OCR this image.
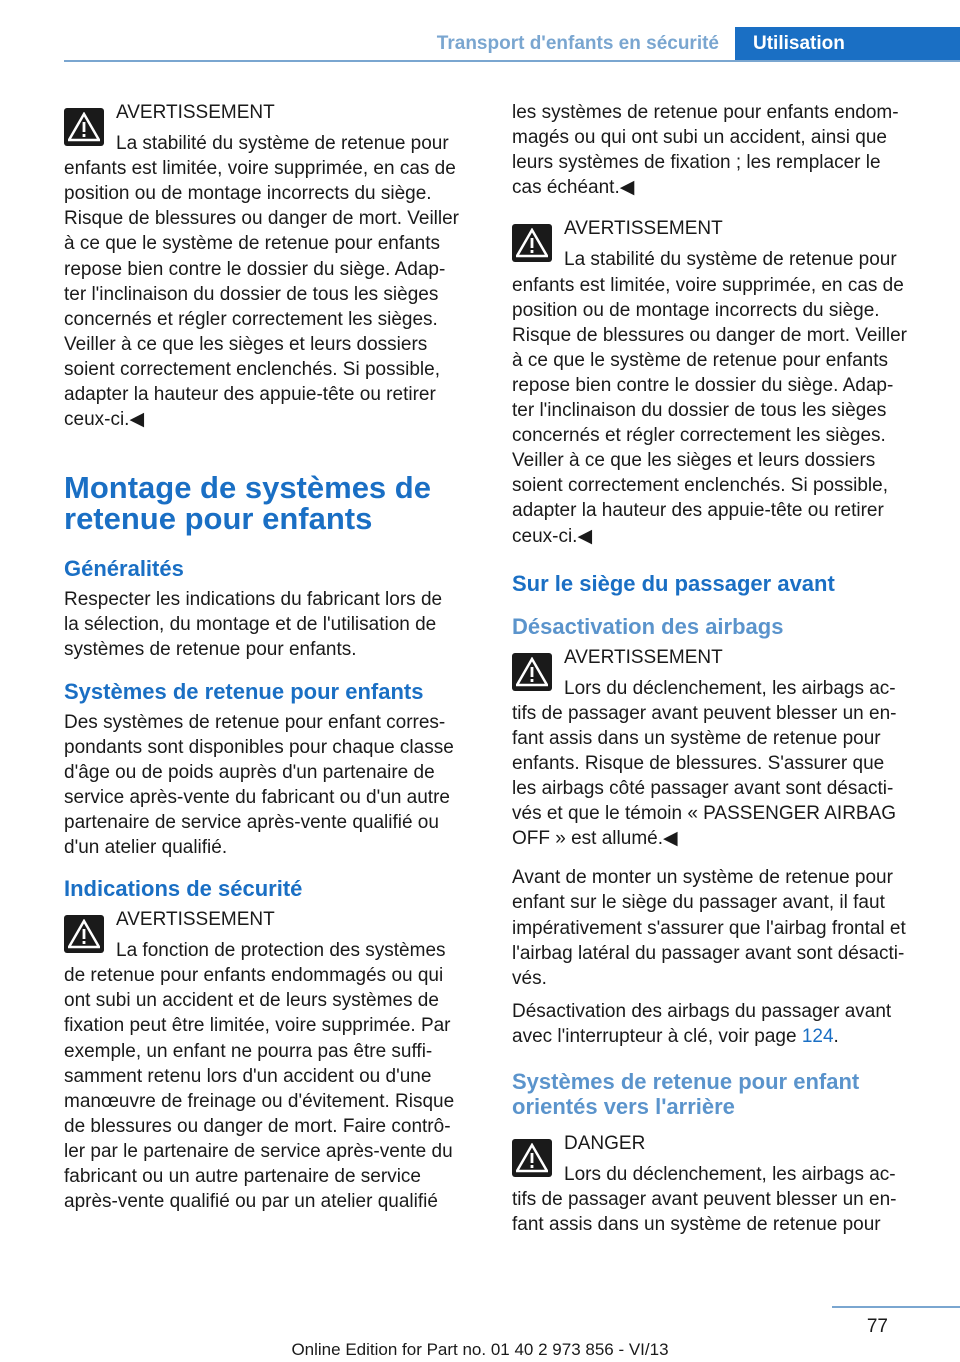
Transport d'enfants en sécurité	Utilisation

AVERTISSEMENT

La stabilité du système de retenue pour

enfants est limitée, voire supprimée, en cas de

position ou de montage incorrects du siège.

Risque de blessures ou danger de mort. Veiller

à ce que le système de retenue pour enfants

repose bien contre le dossier du siège. Adap‐

ter l'inclinaison du dossier de tous les sièges

concernés et régler correctement les sièges.

Veiller à ce que les sièges et leurs dossiers

soient correctement enclenchés. Si possible,

adapter la hauteur des appuie-tête ou retirer

ceux-ci.◀

Montage de systèmes de
retenue pour enfants
Généralités

Respecter les indications du fabricant lors de

la sélection, du montage et de l'utilisation de

systèmes de retenue pour enfants.

Systèmes de retenue pour enfants

Des systèmes de retenue pour enfant corres‐

pondants sont disponibles pour chaque classe

d'âge ou de poids auprès d'un partenaire de

service après-vente du fabricant ou d'un autre

partenaire de service après-vente qualifié ou

d'un atelier qualifié.

Indications de sécurité

AVERTISSEMENT

La fonction de protection des systèmes

de retenue pour enfants endommagés ou qui

ont subi un accident et de leurs systèmes de

fixation peut être limitée, voire supprimée. Par

exemple, un enfant ne pourra pas être suffi‐

samment retenu lors d'un accident ou d'une

manœuvre de freinage ou d'évitement. Risque

de blessures ou danger de mort. Faire contrô‐

ler par le partenaire de service après-vente du

fabricant ou un autre partenaire de service

après-vente qualifié ou par un atelier qualifié

les systèmes de retenue pour enfants endom‐

magés ou qui ont subi un accident, ainsi que

leurs systèmes de fixation ; les remplacer le

cas échéant.◀

AVERTISSEMENT

La stabilité du système de retenue pour

enfants est limitée, voire supprimée, en cas de

position ou de montage incorrects du siège.

Risque de blessures ou danger de mort. Veiller

à ce que le système de retenue pour enfants

repose bien contre le dossier du siège. Adap‐

ter l'inclinaison du dossier de tous les sièges

concernés et régler correctement les sièges.

Veiller à ce que les sièges et leurs dossiers

soient correctement enclenchés. Si possible,

adapter la hauteur des appuie-tête ou retirer

ceux-ci.◀

Sur le siège du passager avant
Désactivation des airbags

AVERTISSEMENT

Lors du déclenchement, les airbags ac‐

tifs de passager avant peuvent blesser un en‐

fant assis dans un système de retenue pour

enfants. Risque de blessures. S'assurer que

les airbags côté passager avant sont désacti‐

vés et que le témoin « PASSENGER AIRBAG

OFF » est allumé.◀

Avant de monter un système de retenue pour

enfant sur le siège du passager avant, il faut

impérativement s'assurer que l'airbag frontal et

l'airbag latéral du passager avant sont désacti‐

vés.

Désactivation des airbags du passager avant

avec l'interrupteur à clé, voir page 124.

Systèmes de retenue pour enfant
orientés vers l'arrière

DANGER

Lors du déclenchement, les airbags ac‐

tifs de passager avant peuvent blesser un en‐

fant assis dans un système de retenue pour

77
Online Edition for Part no. 01 40 2 973 856 - VI/13
